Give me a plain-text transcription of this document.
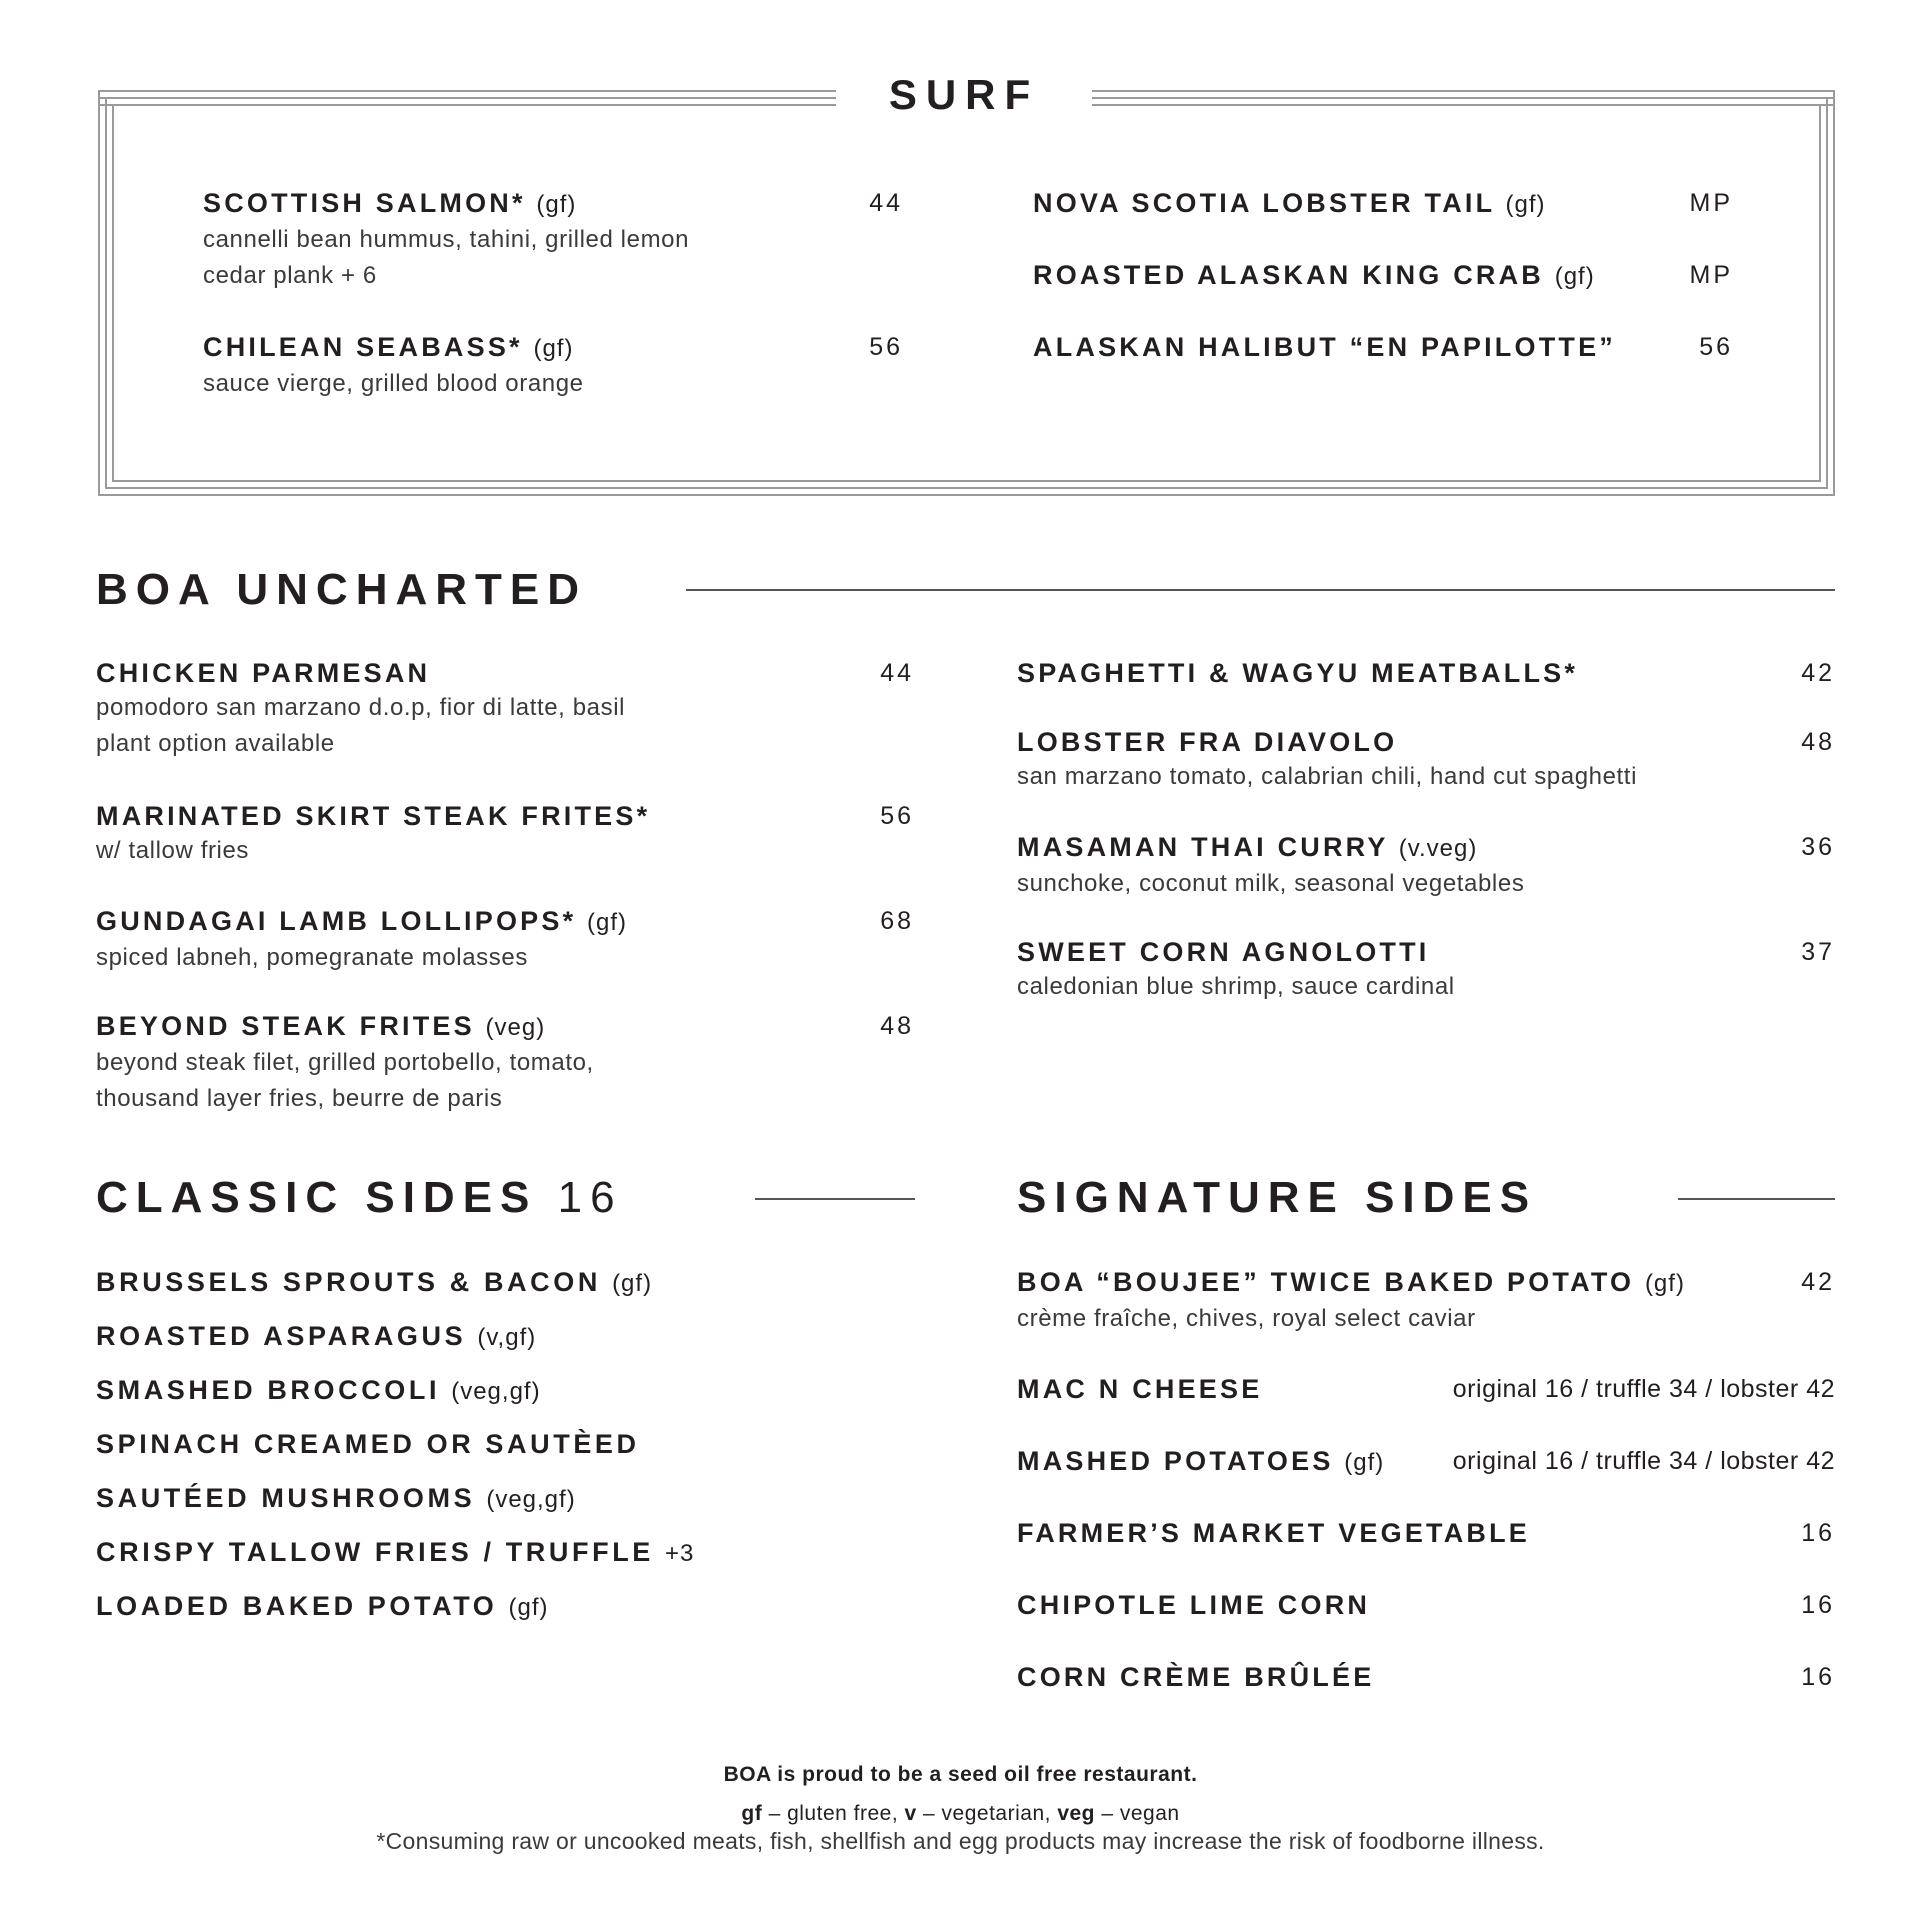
SURF
SCOTTISH SALMON* (gf)	44
cannelli bean hummus, tahini, grilled lemon
cedar plank + 6
CHILEAN SEABASS* (gf)	56
sauce vierge, grilled blood orange
NOVA SCOTIA LOBSTER TAIL (gf)	MP
ROASTED ALASKAN KING CRAB (gf)	MP
ALASKAN HALIBUT “EN PAPILOTTE”	56
BOA UNCHARTED
CHICKEN PARMESAN	44
pomodoro san marzano d.o.p, fior di latte, basil
plant option available
MARINATED SKIRT STEAK FRITES*	56
w/ tallow fries
GUNDAGAI LAMB LOLLIPOPS* (gf)	68
spiced labneh, pomegranate molasses
BEYOND STEAK FRITES (veg)	48
beyond steak filet, grilled portobello, tomato,
thousand layer fries, beurre de paris
SPAGHETTI & WAGYU MEATBALLS*	42
LOBSTER FRA DIAVOLO	48
san marzano tomato, calabrian chili, hand cut spaghetti
MASAMAN THAI CURRY (v.veg)	36
sunchoke, coconut milk, seasonal vegetables
SWEET CORN AGNOLOTTI	37
caledonian blue shrimp, sauce cardinal
CLASSIC SIDES 16
BRUSSELS SPROUTS & BACON (gf)
ROASTED ASPARAGUS (v,gf)
SMASHED BROCCOLI (veg,gf)
SPINACH CREAMED OR SAUTÈED
SAUTÉED MUSHROOMS (veg,gf)
CRISPY TALLOW FRIES / TRUFFLE +3
LOADED BAKED POTATO (gf)
SIGNATURE SIDES
BOA “BOUJEE” TWICE BAKED POTATO (gf)	42
crème fraîche, chives, royal select caviar
MAC N CHEESE	original 16 / truffle 34 / lobster 42
MASHED POTATOES (gf)	original 16 / truffle 34 / lobster 42
FARMER’S MARKET VEGETABLE	16
CHIPOTLE LIME CORN	16
CORN CRÈME BRÛLÉE	16
BOA is proud to be a seed oil free restaurant.
gf – gluten free, v – vegetarian, veg – vegan
*Consuming raw or uncooked meats, fish, shellfish and egg products may increase the risk of foodborne illness.
